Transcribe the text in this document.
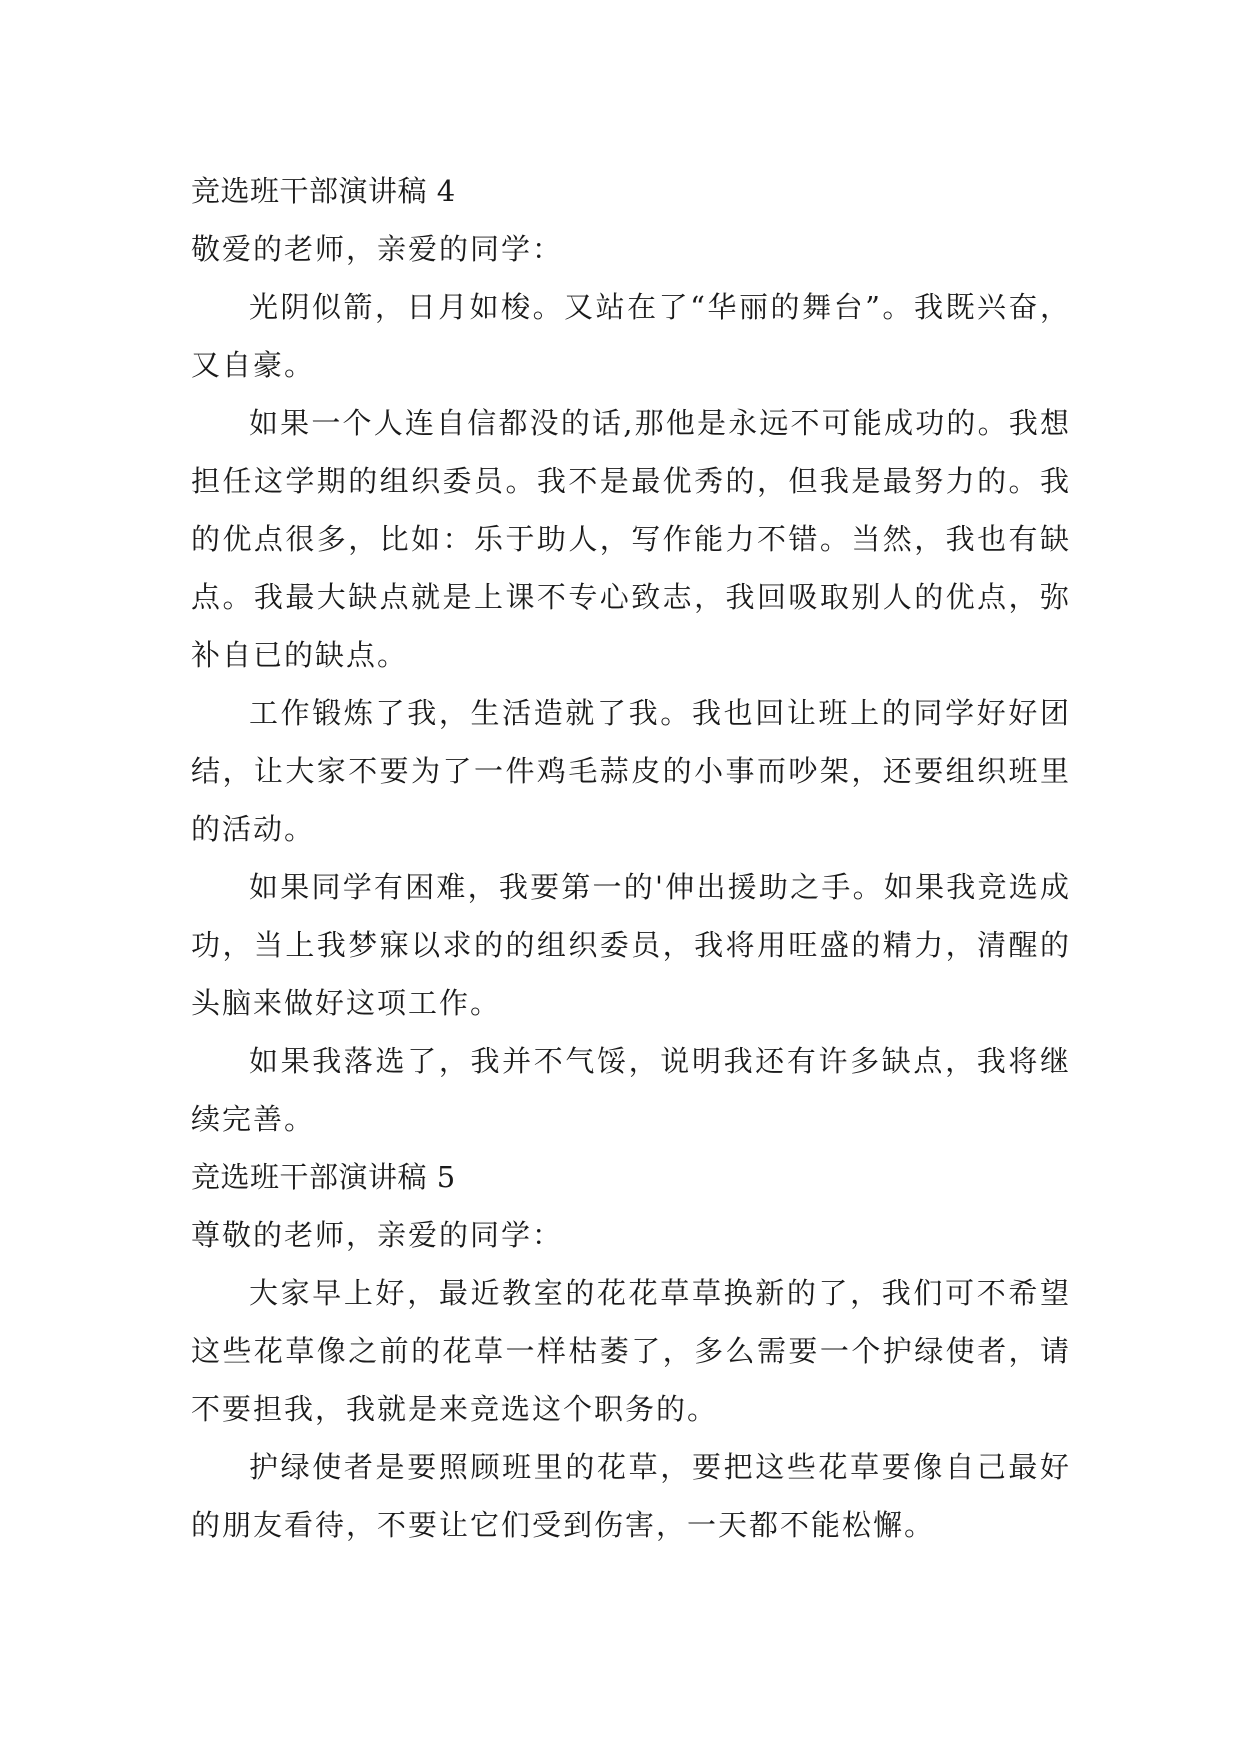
竞选班干部演讲稿 4
敬爱的老师，亲爱的同学：

光阴似箭，日月如梭。又站在了“华丽的舞台”。我既兴奋，又自豪。

如果一个人连自信都没的话,那他是永远不可能成功的。我想担任这学期的组织委员。我不是最优秀的，但我是最努力的。我的优点很多，比如：乐于助人，写作能力不错。当然，我也有缺点。我最大缺点就是上课不专心致志，我回吸取别人的优点，弥补自已的缺点。

工作锻炼了我，生活造就了我。我也回让班上的同学好好团结，让大家不要为了一件鸡毛蒜皮的小事而吵架，还要组织班里的活动。

如果同学有困难，我要第一的'伸出援助之手。如果我竞选成功，当上我梦寐以求的的组织委员，我将用旺盛的精力，清醒的头脑来做好这项工作。

如果我落选了，我并不气馁，说明我还有许多缺点，我将继续完善。

竞选班干部演讲稿 5
尊敬的老师，亲爱的同学：

大家早上好，最近教室的花花草草换新的了，我们可不希望这些花草像之前的花草一样枯萎了，多么需要一个护绿使者，请不要担我，我就是来竞选这个职务的。

护绿使者是要照顾班里的花草，要把这些花草要像自己最好的朋友看待，不要让它们受到伤害，一天都不能松懈。
